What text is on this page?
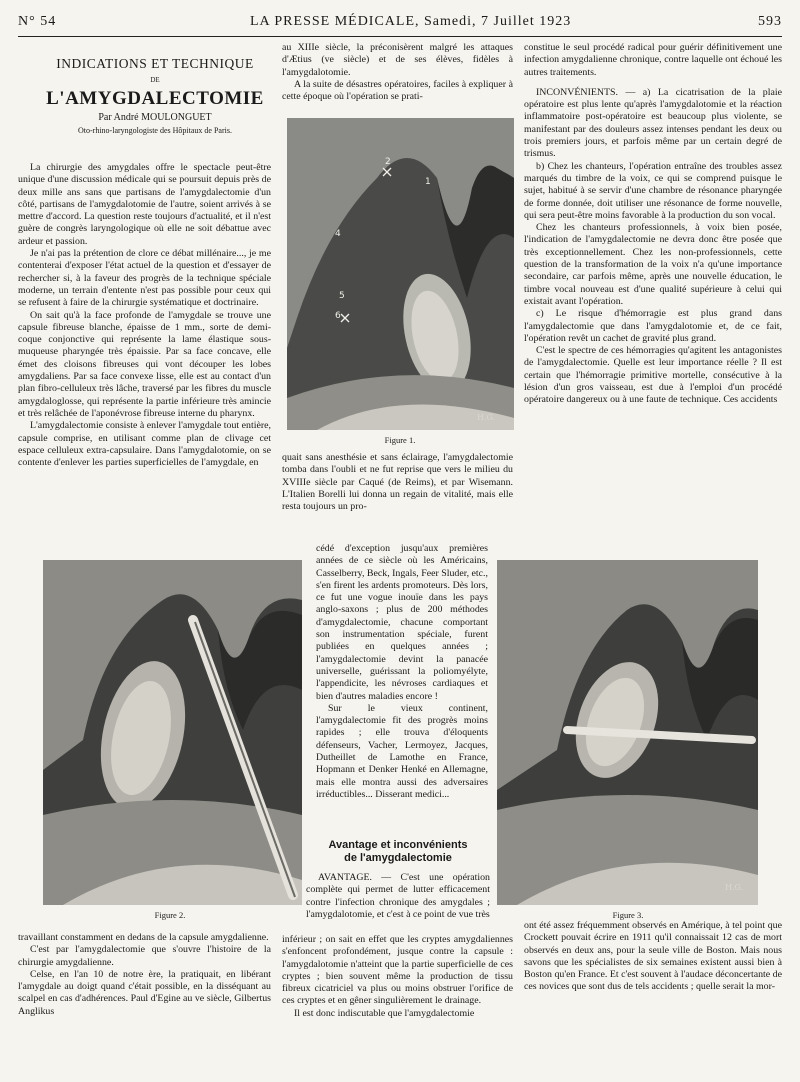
N° 54	LA PRESSE MÉDICALE, Samedi, 7 Juillet 1923	593
INDICATIONS ET TECHNIQUE
DE
L'AMYGDALECTOMIE
Par André MOULONGUET
Oto-rhino-laryngologiste des Hôpitaux de Paris.

La chirurgie des amygdales offre le spectacle peut-être unique d'une discussion médicale qui se poursuit depuis près de deux mille ans sans que partisans de l'amygdalectomie d'un côté, partisans de l'amygdalotomie de l'autre, soient arrivés à se mettre d'accord. La question reste toujours d'actualité, et il n'est guère de congrès laryngologique où elle ne soit débattue avec ardeur et passion.

Je n'ai pas la prétention de clore ce débat millénaire..., je me contenterai d'exposer l'état actuel de la question et d'essayer de rechercher si, à la faveur des progrès de la technique spéciale moderne, un terrain d'entente n'est pas possible pour ceux qui se refusent à faire de la chirurgie systématique et doctrinaire.

On sait qu'à la face profonde de l'amygdale se trouve une capsule fibreuse blanche, épaisse de 1 mm., sorte de demi-coque conjonctive qui représente la lame élastique sous-muqueuse pharyngée très épaissie. Par sa face concave, elle émet des cloisons fibreuses qui vont découper les lobes amygdaliens. Par sa face convexe lisse, elle est au contact d'un plan fibro-celluleux très lâche, traversé par les fibres du muscle amygdaloglosse, qui représente la partie inférieure très amincie et très relâchée de l'aponévrose fibreuse interne du pharynx.

L'amygdalectomie consiste à enlever l'amygdale tout entière, capsule comprise, en utilisant comme plan de clivage cet espace celluleux extra-capsulaire. Dans l'amygdalotomie, on se contente d'enlever les parties superficielles de l'amygdale, en

au XIIIe siècle, la préconisèrent malgré les attaques d'Ætius (ve siècle) et de ses élèves, fidèles à l'amygdalotomie.

A la suite de désastres opératoires, faciles à expliquer à cette époque où l'opération se prati-

constitue le seul procédé radical pour guérir définitivement une infection amygdalienne chronique, contre laquelle ont échoué les autres traitements.

INCONVÉNIENTS. — a) La cicatrisation de la plaie opératoire est plus lente qu'après l'amygdalotomie et la réaction inflammatoire post-opératoire est beaucoup plus violente, se manifestant par des douleurs assez intenses pendant les deux ou trois premiers jours, et parfois même par un certain degré de trismus.

b) Chez les chanteurs, l'opération entraîne des troubles assez marqués du timbre de la voix, ce qui se comprend puisque le sujet, habitué à se servir d'une chambre de résonance pharyngée de forme donnée, doit utiliser une résonance de forme nouvelle, qui sera peut-être moins favorable à la production du son vocal.

Chez les chanteurs professionnels, à voix bien posée, l'indication de l'amygdalectomie ne devra donc être posée que très exceptionnellement. Chez les non-professionnels, cette question de la transformation de la voix n'a qu'une importance secondaire, car parfois même, après une nouvelle éducation, le timbre vocal nouveau est d'une qualité supérieure à celui qui existait avant l'opération.

c) Le risque d'hémorragie est plus grand dans l'amygdalectomie que dans l'amygdalotomie et, de ce fait, l'opération revêt un cachet de gravité plus grand.

C'est le spectre de ces hémorragies qu'agitent les antagonistes de l'amygdalectomie. Quelle est leur importance réelle ? Il est certain que l'hémorragie primitive mortelle, consécutive à la lésion d'un gros vaisseau, est due à l'emploi d'un procédé opératoire dangereux ou à une faute de technique. Ces accidents

2
1
4
5
6
H.G.
Figure 1.

quait sans anesthésie et sans éclairage, l'amygdalectomie tomba dans l'oubli et ne fut reprise que vers le milieu du XVIIIe siècle par Caqué (de Reims), et par Wisemann. L'Italien Borelli lui donna un regain de vitalité, mais elle resta toujours un pro-

Figure 2.

cédé d'exception jusqu'aux premières années de ce siècle où les Américains, Casselberry, Beck, Ingals, Feer Sluder, etc., s'en firent les ardents promoteurs. Dès lors, ce fut une vogue inouïe dans les pays anglo-saxons ; plus de 200 méthodes d'amygdalectomie, chacune comportant son instrumentation spéciale, furent publiées en quelques années ; l'amygdalectomie devint la panacée universelle, guérissant la poliomyélyte, l'appendicite, les névroses cardiaques et bien d'autres maladies encore !

Sur le vieux continent, l'amygdalectomie fit des progrès moins rapides ; elle trouva d'éloquents défenseurs, Vacher, Lermoyez, Jacques, Dutheillet de Lamothe en France, Hopmann et Denker Henké en Allemagne, mais elle montra aussi des adversaires irréductibles... Disserant medici...

Avantage et inconvénients
de l'amygdalectomie

AVANTAGE. — C'est une opération complète qui permet de lutter efficacement contre l'infection chronique des amygdales ; l'amygdalotomie, et c'est à ce point de vue très

H.G.
Figure 3.

travaillant constamment en dedans de la capsule amygdalienne.

C'est par l'amygdalectomie que s'ouvre l'histoire de la chirurgie amygdalienne.

Celse, en l'an 10 de notre ère, la pratiquait, en libérant l'amygdale au doigt quand c'était possible, en la disséquant au scalpel en cas d'adhérences. Paul d'Egine au ve siècle, Gilbertus Anglikus

inférieur ; on sait en effet que les cryptes amygdaliennes s'enfoncent profondément, jusque contre la capsule : l'amygdalotomie n'atteint que la partie superficielle de ces cryptes ; bien souvent même la production de tissu fibreux cicatriciel va plus ou moins obstruer l'orifice de ces cryptes et en gêner singulièrement le drainage.

Il est donc indiscutable que l'amygdalectomie

ont été assez fréquemment observés en Amérique, à tel point que Crockett pouvait écrire en 1911 qu'il connaissait 12 cas de mort observés en deux ans, pour la seule ville de Boston. Mais nous savons que les spécialistes de six semaines existent aussi bien à Boston qu'en France. Et c'est souvent à l'audace déconcertante de ces novices que sont dus de tels accidents ; quelle serait la mor-
